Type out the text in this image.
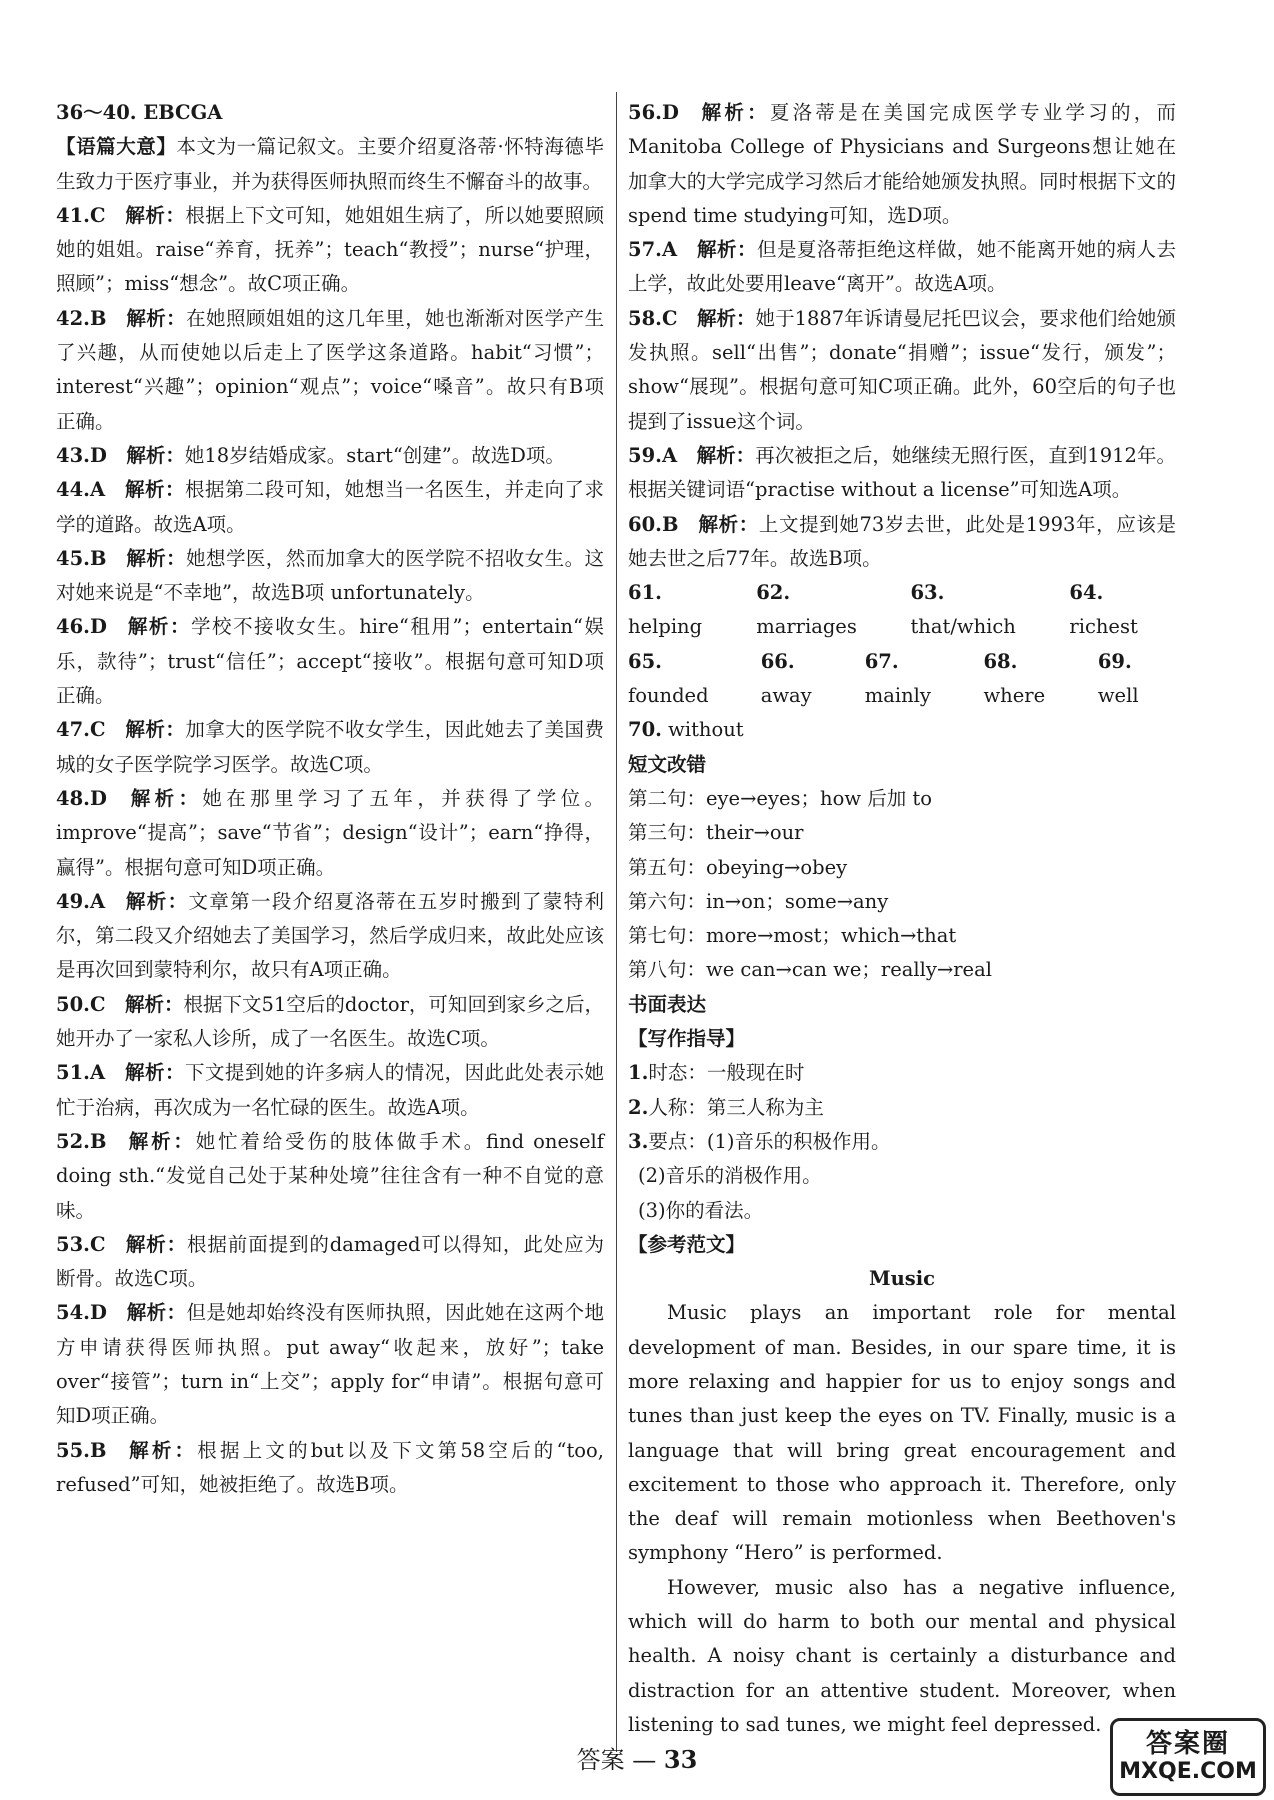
36～40. EBCGA

【语篇大意】本文为一篇记叙文。主要介绍夏洛蒂·怀特海德毕生致力于医疗事业，并为获得医师执照而终生不懈奋斗的故事。

41.C  解析：根据上下文可知，她姐姐生病了，所以她要照顾她的姐姐。raise“养育，抚养”；teach“教授”；nurse“护理，照顾”；miss“想念”。故C项正确。

42.B  解析：在她照顾姐姐的这几年里，她也渐渐对医学产生了兴趣，从而使她以后走上了医学这条道路。habit“习惯”；interest“兴趣”；opinion“观点”；voice“嗓音”。故只有B项正确。

43.D  解析：她18岁结婚成家。start“创建”。故选D项。

44.A  解析：根据第二段可知，她想当一名医生，并走向了求学的道路。故选A项。

45.B  解析：她想学医，然而加拿大的医学院不招收女生。这对她来说是“不幸地”，故选B项 unfortunately。

46.D  解析：学校不接收女生。hire“租用”；entertain“娱乐，款待”；trust“信任”；accept“接收”。根据句意可知D项正确。

47.C  解析：加拿大的医学院不收女学生，因此她去了美国费城的女子医学院学习医学。故选C项。

48.D  解析：她在那里学习了五年，并获得了学位。improve“提高”；save“节省”；design“设计”；earn“挣得，赢得”。根据句意可知D项正确。

49.A  解析：文章第一段介绍夏洛蒂在五岁时搬到了蒙特利尔，第二段又介绍她去了美国学习，然后学成归来，故此处应该是再次回到蒙特利尔，故只有A项正确。

50.C  解析：根据下文51空后的doctor，可知回到家乡之后，她开办了一家私人诊所，成了一名医生。故选C项。

51.A  解析：下文提到她的许多病人的情况，因此此处表示她忙于治病，再次成为一名忙碌的医生。故选A项。

52.B  解析：她忙着给受伤的肢体做手术。find oneself doing sth.“发觉自己处于某种处境”往往含有一种不自觉的意味。

53.C  解析：根据前面提到的damaged可以得知，此处应为断骨。故选C项。

54.D  解析：但是她却始终没有医师执照，因此她在这两个地方申请获得医师执照。put away“收起来，放好”；take over“接管”；turn in“上交”；apply for“申请”。根据句意可知D项正确。

55.B  解析：根据上文的but以及下文第58空后的“too, refused”可知，她被拒绝了。故选B项。

56.D  解析：夏洛蒂是在美国完成医学专业学习的，而Manitoba College of Physicians and Surgeons想让她在加拿大的大学完成学习然后才能给她颁发执照。同时根据下文的spend time studying可知，选D项。

57.A  解析：但是夏洛蒂拒绝这样做，她不能离开她的病人去上学，故此处要用leave“离开”。故选A项。

58.C  解析：她于1887年诉请曼尼托巴议会，要求他们给她颁发执照。sell“出售”；donate“捐赠”；issue“发行，颁发”；show“展现”。根据句意可知C项正确。此外，60空后的句子也提到了issue这个词。

59.A  解析：再次被拒之后，她继续无照行医，直到1912年。根据关键词语“practise without a license”可知选A项。

60.B  解析：上文提到她73岁去世，此处是1993年，应该是她去世之后77年。故选B项。

61. helping
62. marriages
63. that/which
64. richest
65. founded
66. away
67. mainly
68. where
69. well
70. without

短文改错

第二句：eye→eyes；how 后加 to

第三句：their→our

第五句：obeying→obey

第六句：in→on；some→any

第七句：more→most；which→that

第八句：we can→can we；really→real

书面表达

【写作指导】

1.时态：一般现在时

2.人称：第三人称为主

3.要点：(1)音乐的积极作用。

(2)音乐的消极作用。

(3)你的看法。

【参考范文】

Music

Music plays an important role for mental development of man. Besides, in our spare time, it is more relaxing and happier for us to enjoy songs and tunes than just keep the eyes on TV. Finally, music is a language that will bring great encouragement and excitement to those who approach it. Therefore, only the deaf will remain motionless when Beethoven's symphony “Hero” is performed.

However, music also has a negative influence, which will do harm to both our mental and physical health. A noisy chant is certainly a disturbance and distraction for an attentive student. Moreover, when listening to sad tunes, we might feel depressed.

答案 — 33
答案圈
MXQE.COM
